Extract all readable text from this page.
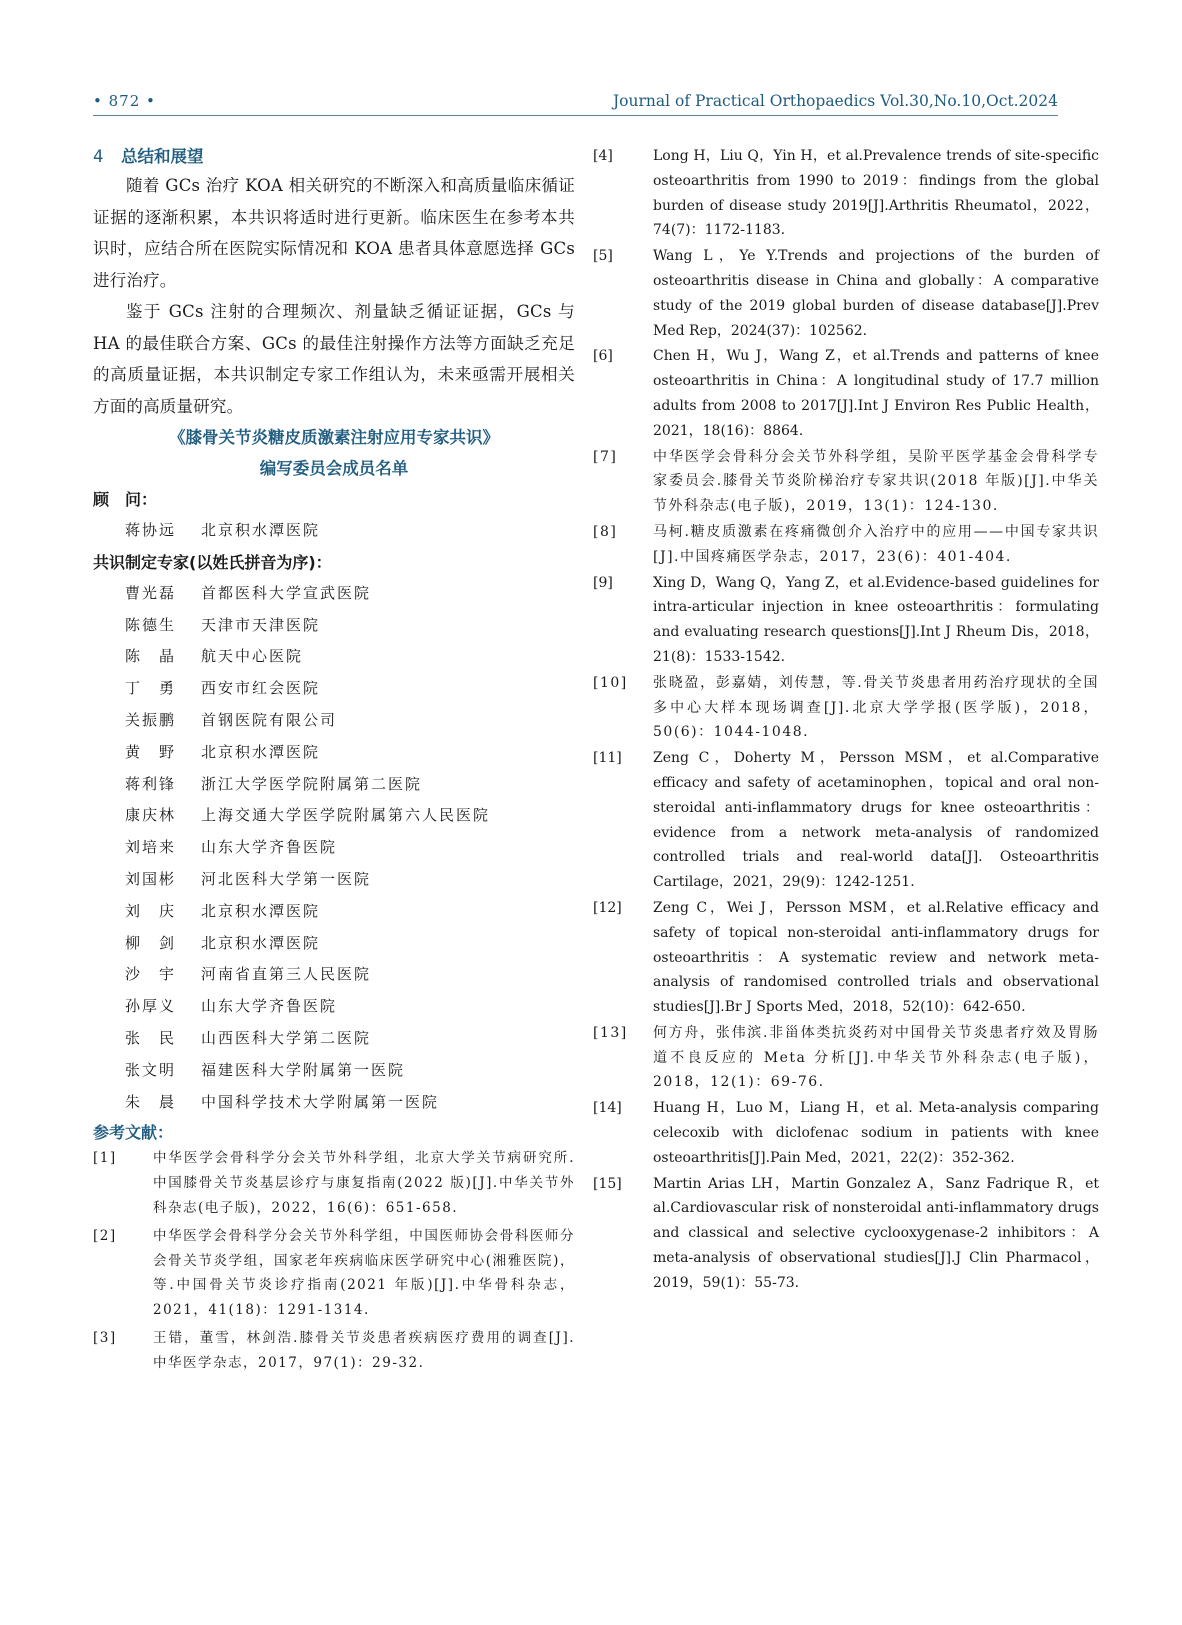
• 872 •	Journal of Practical Orthopaedics Vol.30,No.10,Oct.2024
4 总结和展望

随着 GCs 治疗 KOA 相关研究的不断深入和高质量临床循证证据的逐渐积累，本共识将适时进行更新。临床医生在参考本共识时，应结合所在医院实际情况和 KOA 患者具体意愿选择 GCs 进行治疗。

鉴于 GCs 注射的合理频次、剂量缺乏循证证据，GCs 与 HA 的最佳联合方案、GCs 的最佳注射操作方法等方面缺乏充足的高质量证据，本共识制定专家工作组认为，未来亟需开展相关方面的高质量研究。

《膝骨关节炎糖皮质激素注射应用专家共识》
编写委员会成员名单
顾　问：
蒋协远 北京积水潭医院
共识制定专家(以姓氏拼音为序)：
曹光磊 首都医科大学宣武医院
陈德生 天津市天津医院
陈　晶 航天中心医院
丁　勇 西安市红会医院
关振鹏 首钢医院有限公司
黄　野 北京积水潭医院
蒋利锋 浙江大学医学院附属第二医院
康庆林 上海交通大学医学院附属第六人民医院
刘培来 山东大学齐鲁医院
刘国彬 河北医科大学第一医院
刘　庆 北京积水潭医院
柳　剑 北京积水潭医院
沙　宇 河南省直第三人民医院
孙厚义 山东大学齐鲁医院
张　民 山西医科大学第二医院
张文明 福建医科大学附属第一医院
朱　晨 中国科学技术大学附属第一医院
参考文献：
[1]	中华医学会骨科学分会关节外科学组，北京大学关节病研究所.中国膝骨关节炎基层诊疗与康复指南(2022 版)[J].中华关节外科杂志(电子版)，2022，16(6)：651-658.
[2]	中华医学会骨科学分会关节外科学组，中国医师协会骨科医师分会骨关节炎学组，国家老年疾病临床医学研究中心(湘雅医院)，等.中国骨关节炎诊疗指南(2021 年版)[J].中华骨科杂志，2021，41(18)：1291-1314.
[3]	王错，董雪，林剑浩.膝骨关节炎患者疾病医疗费用的调查[J].中华医学杂志，2017，97(1)：29-32.
[4]	Long H，Liu Q，Yin H，et al.Prevalence trends of site-specific osteoarthritis from 1990 to 2019：findings from the global burden of disease study 2019[J].Arthritis Rheumatol，2022，74(7)：1172-1183.
[5]	Wang L，Ye Y.Trends and projections of the burden of osteoarthritis disease in China and globally：A comparative study of the 2019 global burden of disease database[J].Prev Med Rep，2024(37)：102562.
[6]	Chen H，Wu J，Wang Z，et al.Trends and patterns of knee osteoarthritis in China：A longitudinal study of 17.7 million adults from 2008 to 2017[J].Int J Environ Res Public Health，2021，18(16)：8864.
[7]	中华医学会骨科分会关节外科学组，吴阶平医学基金会骨科学专家委员会.膝骨关节炎阶梯治疗专家共识(2018 年版)[J].中华关节外科杂志(电子版)，2019，13(1)：124-130.
[8]	马柯.糖皮质激素在疼痛微创介入治疗中的应用——中国专家共识[J].中国疼痛医学杂志，2017，23(6)：401-404.
[9]	Xing D，Wang Q，Yang Z，et al.Evidence-based guidelines for intra-articular injection in knee osteoarthritis：formulating and evaluating research questions[J].Int J Rheum Dis，2018，21(8)：1533-1542.
[10] 张晓盈，彭嘉婧，刘传慧，等.骨关节炎患者用药治疗现状的全国多中心大样本现场调查[J].北京大学学报(医学版)，2018，50(6)：1044-1048.
[11] Zeng C，Doherty M，Persson MSM，et al.Comparative efficacy and safety of acetaminophen，topical and oral non-steroidal anti-inflammatory drugs for knee osteoarthritis：evidence from a network meta-analysis of randomized controlled trials and real-world data[J]. Osteoarthritis Cartilage，2021，29(9)：1242-1251.
[12] Zeng C，Wei J，Persson MSM，et al.Relative efficacy and safety of topical non-steroidal anti-inflammatory drugs for osteoarthritis：A systematic review and network meta-analysis of randomised controlled trials and observational studies[J].Br J Sports Med，2018，52(10)：642-650.
[13] 何方舟，张伟滨.非甾体类抗炎药对中国骨关节炎患者疗效及胃肠道不良反应的 Meta 分析[J].中华关节外科杂志(电子版)，2018，12(1)：69-76.
[14] Huang H，Luo M，Liang H，et al. Meta-analysis comparing celecoxib with diclofenac sodium in patients with knee osteoarthritis[J].Pain Med，2021，22(2)：352-362.
[15] Martin Arias LH，Martin Gonzalez A，Sanz Fadrique R，et al.Cardiovascular risk of nonsteroidal anti-inflammatory drugs and classical and selective cyclooxygenase-2 inhibitors：A meta-analysis of observational studies[J].J Clin Pharmacol，2019，59(1)：55-73.
